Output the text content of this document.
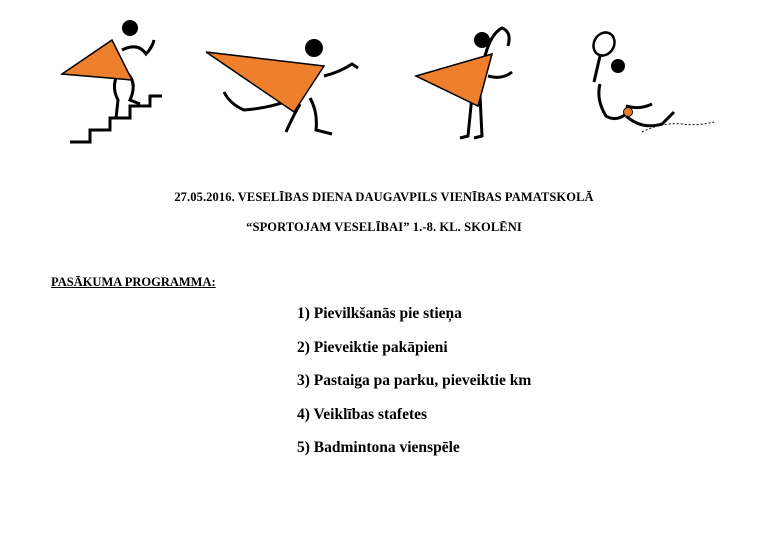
27.05.2016. VESELĪBAS DIENA DAUGAVPILS VIENĪBAS PAMATSKOLĀ
“SPORTOJAM VESELĪBAI” 1.-8. KL. SKOLĒNI
PASĀKUMA PROGRAMMA:
1) Pievilkšanās pie stieņa
2) Pieveiktie pakāpieni
3) Pastaiga pa parku, pieveiktie km
4) Veiklības stafetes
5) Badmintona vienspēle
